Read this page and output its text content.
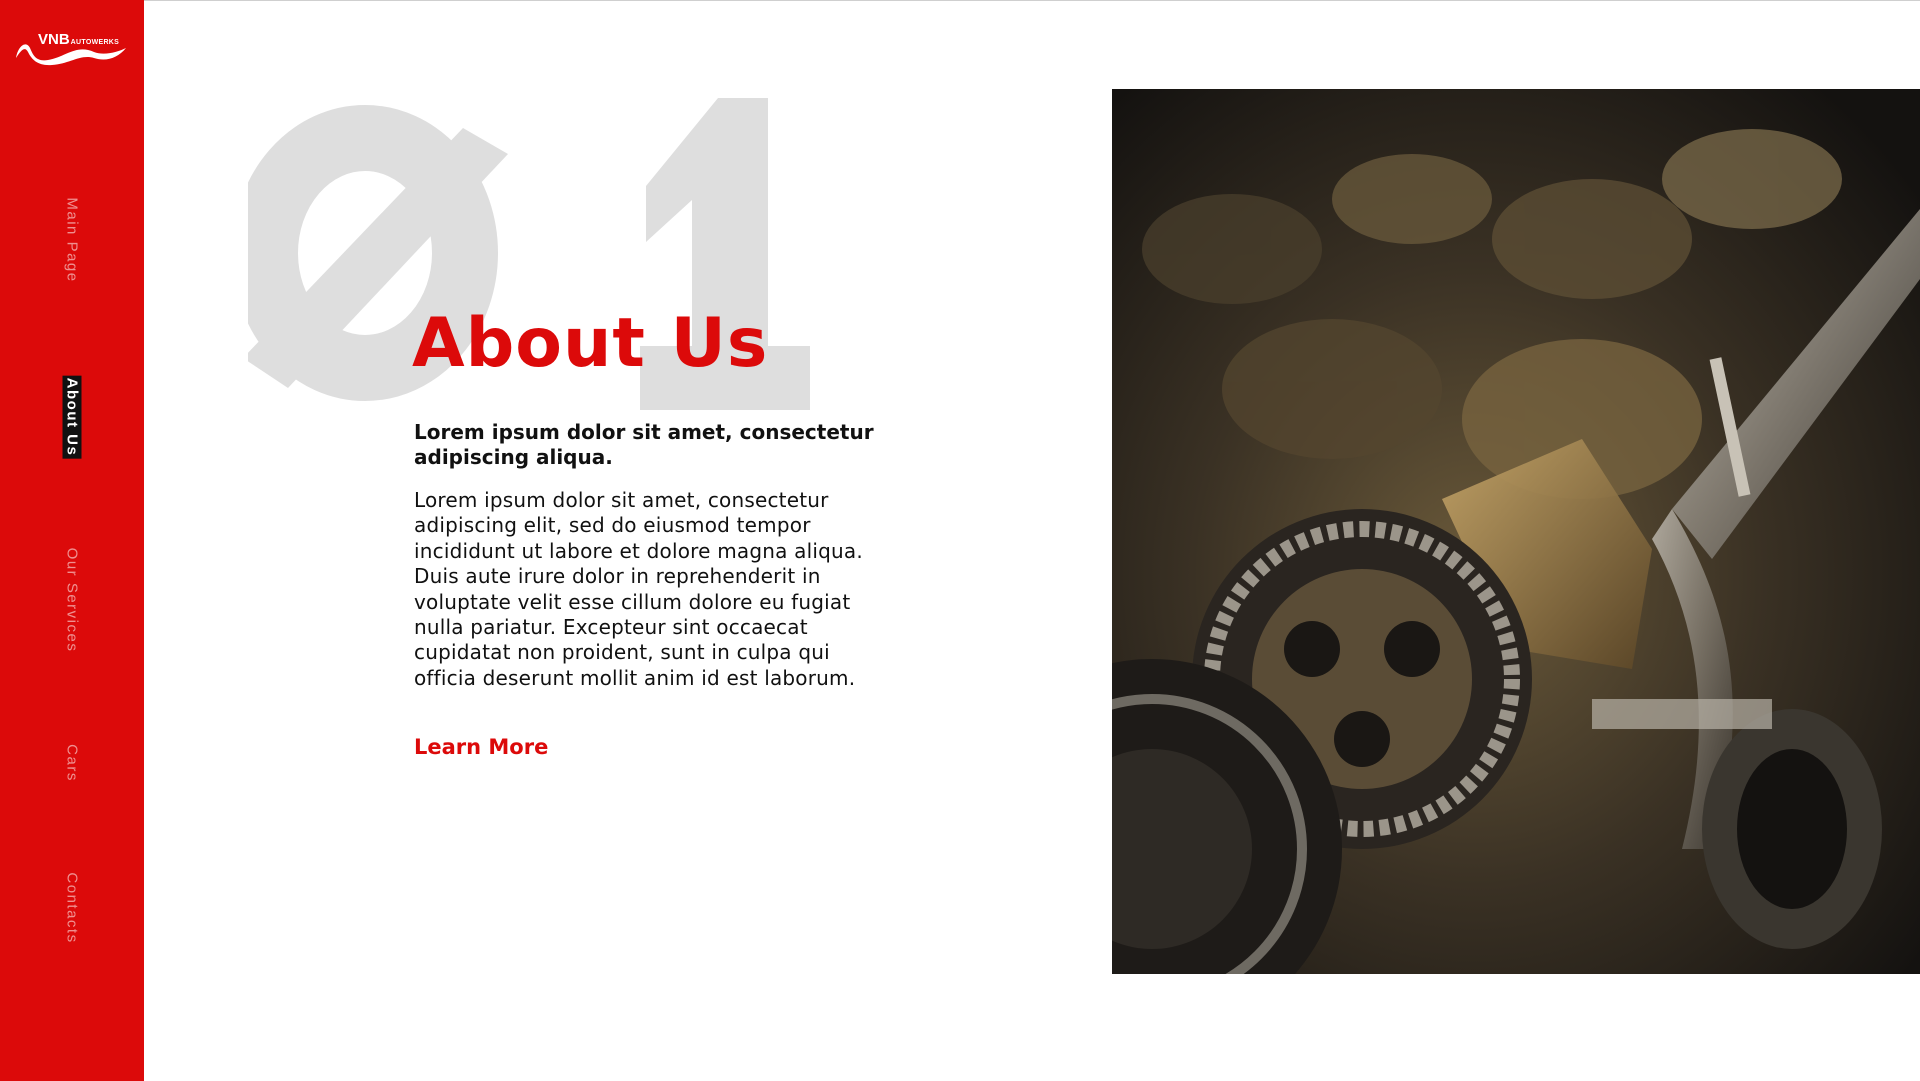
VNBAUTOWERKS
Main Page
About Us
Our Services
Cars
Contacts
01
About Us

Lorem ipsum dolor sit amet, consectetur adipiscing aliqua.

Lorem ipsum dolor sit amet, consectetur adipiscing elit, sed do eiusmod tempor incididunt ut labore et dolore magna aliqua. Duis aute irure dolor in reprehenderit in voluptate velit esse cillum dolore eu fugiat nulla pariatur. Excepteur sint occaecat cupidatat non proident, sunt in culpa qui officia deserunt mollit anim id est laborum.

Learn More
